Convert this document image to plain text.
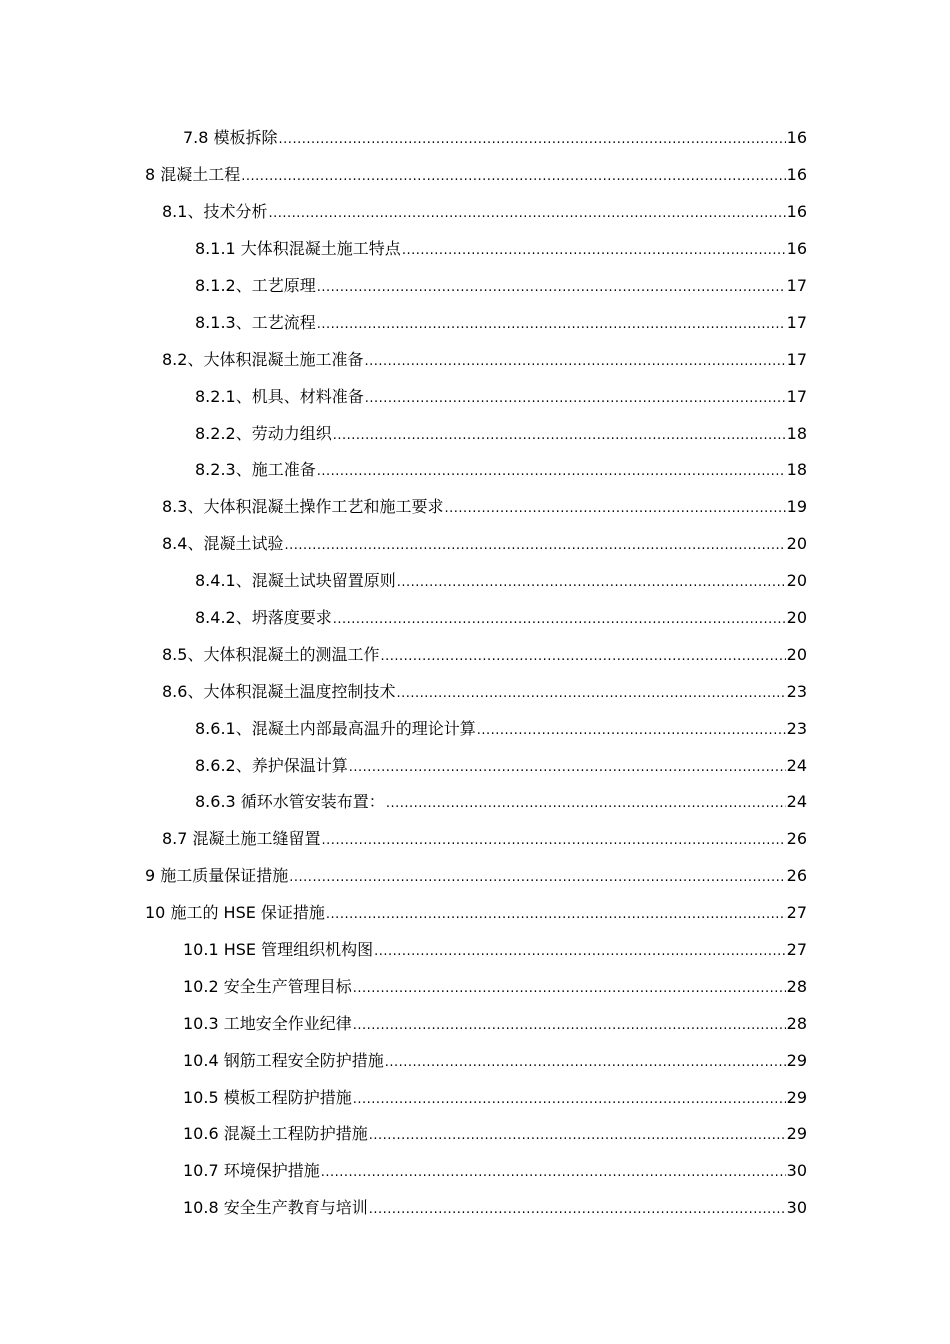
7.8 模板拆除 .....	16
8 混凝土工程 .....	16
8.1、技术分析 .....	16
8.1.1 大体积混凝土施工特点 .....	16
8.1.2、工艺原理 .....	17
8.1.3、工艺流程 .....	17
8.2、大体积混凝土施工准备 .....	17
8.2.1、机具、材料准备 .....	17
8.2.2、劳动力组织 .....	18
8.2.3、施工准备 .....	18
8.3、大体积混凝土操作工艺和施工要求 .....	19
8.4、混凝土试验 .....	20
8.4.1、混凝土试块留置原则 .....	20
8.4.2、坍落度要求 .....	20
8.5、大体积混凝土的测温工作 .....	20
8.6、大体积混凝土温度控制技术 .....	23
8.6.1、混凝土内部最高温升的理论计算 .....	23
8.6.2、养护保温计算 .....	24
8.6.3 循环水管安装布置： .....	24
8.7 混凝土施工缝留置 .....	26
9 施工质量保证措施 .....	26
10 施工的 HSE 保证措施 .....	27
10.1 HSE 管理组织机构图 .....	27
10.2 安全生产管理目标 .....	28
10.3 工地安全作业纪律 .....	28
10.4 钢筋工程安全防护措施 .....	29
10.5 模板工程防护措施 .....	29
10.6 混凝土工程防护措施 .....	29
10.7 环境保护措施 .....	30
10.8 安全生产教育与培训 .....	30
